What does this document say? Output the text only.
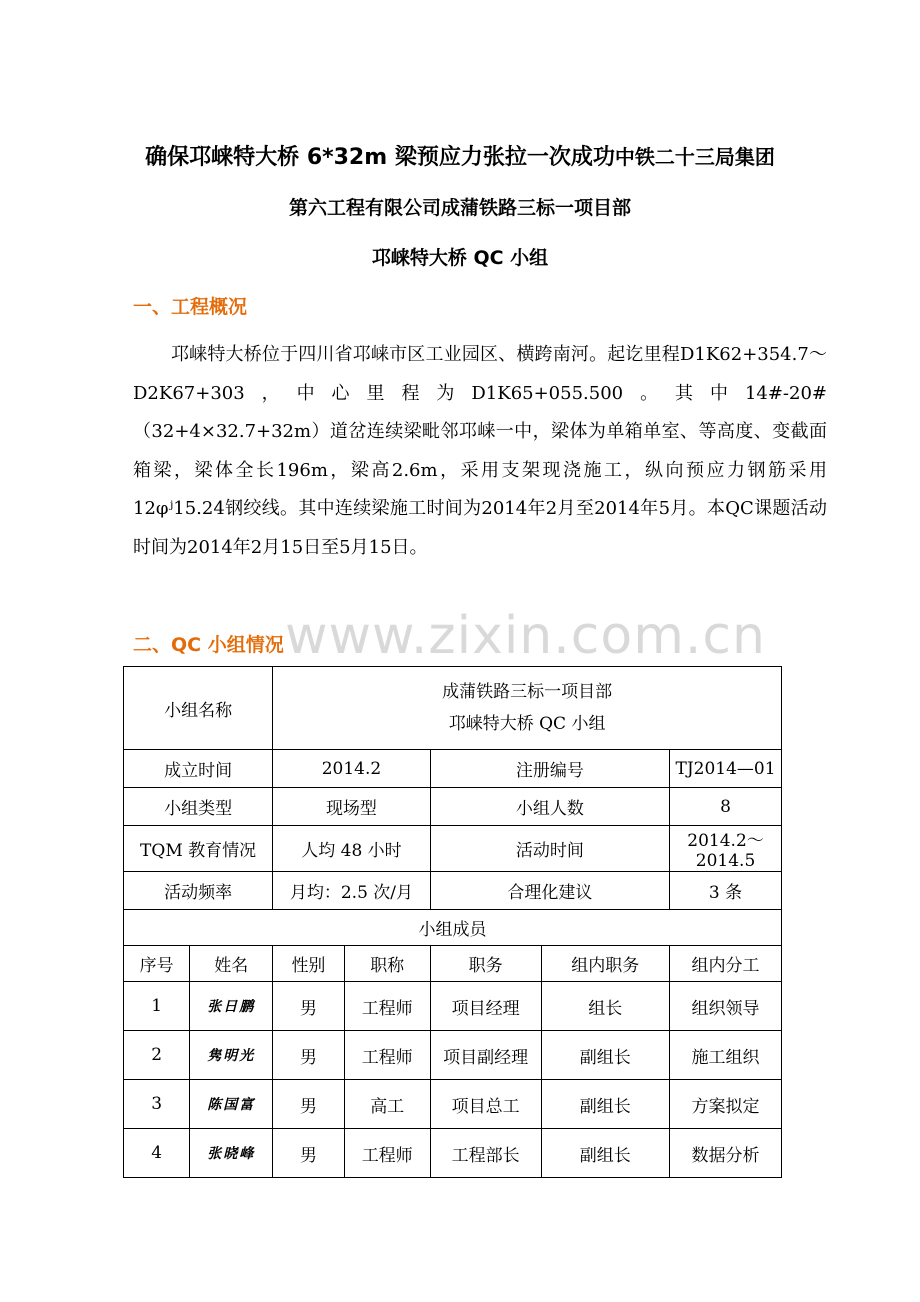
确保邛崃特大桥 6*32m 梁预应力张拉一次成功中铁二十三局集团
第六工程有限公司成蒲铁路三标一项目部
邛崃特大桥 QC 小组
一、工程概况
邛崃特大桥位于四川省邛崃市区工业园区、横跨南河。起讫里程D1K62+354.7～D2K67+303，中心里程为D1K65+055.500。其中14#-20#（32+4×32.7+32m）道岔连续梁毗邻邛崃一中，梁体为单箱单室、等高度、变截面箱梁，梁体全长196m，梁高2.6m，采用支架现浇施工，纵向预应力钢筋采用12φʲ15.24钢绞线。其中连续梁施工时间为2014年2月至2014年5月。本QC课题活动时间为2014年2月15日至5月15日。
www.zixin.com.cn
二、QC 小组情况
小组名称		成蒲铁路三标一项目部
邛崃特大桥 QC 小组				

成立时间		2014.2		注册编号		TJ2014—01
小组类型		现场型		小组人数		8
TQM 教育情况		人均 48 小时		活动时间		2014.2～2014.5
活动频率		月均：2.5 次/月		合理化建议		3 条
小组成员						
序号	姓名	性别	职称	职务	组内职务	组内分工
1	张日鹏	男	工程师	项目经理	组长	组织领导
2	隽明光	男	工程师	项目副经理	副组长	施工组织
3	陈国富	男	高工	项目总工	副组长	方案拟定
4	张晓峰	男	工程师	工程部长	副组长	数据分析
